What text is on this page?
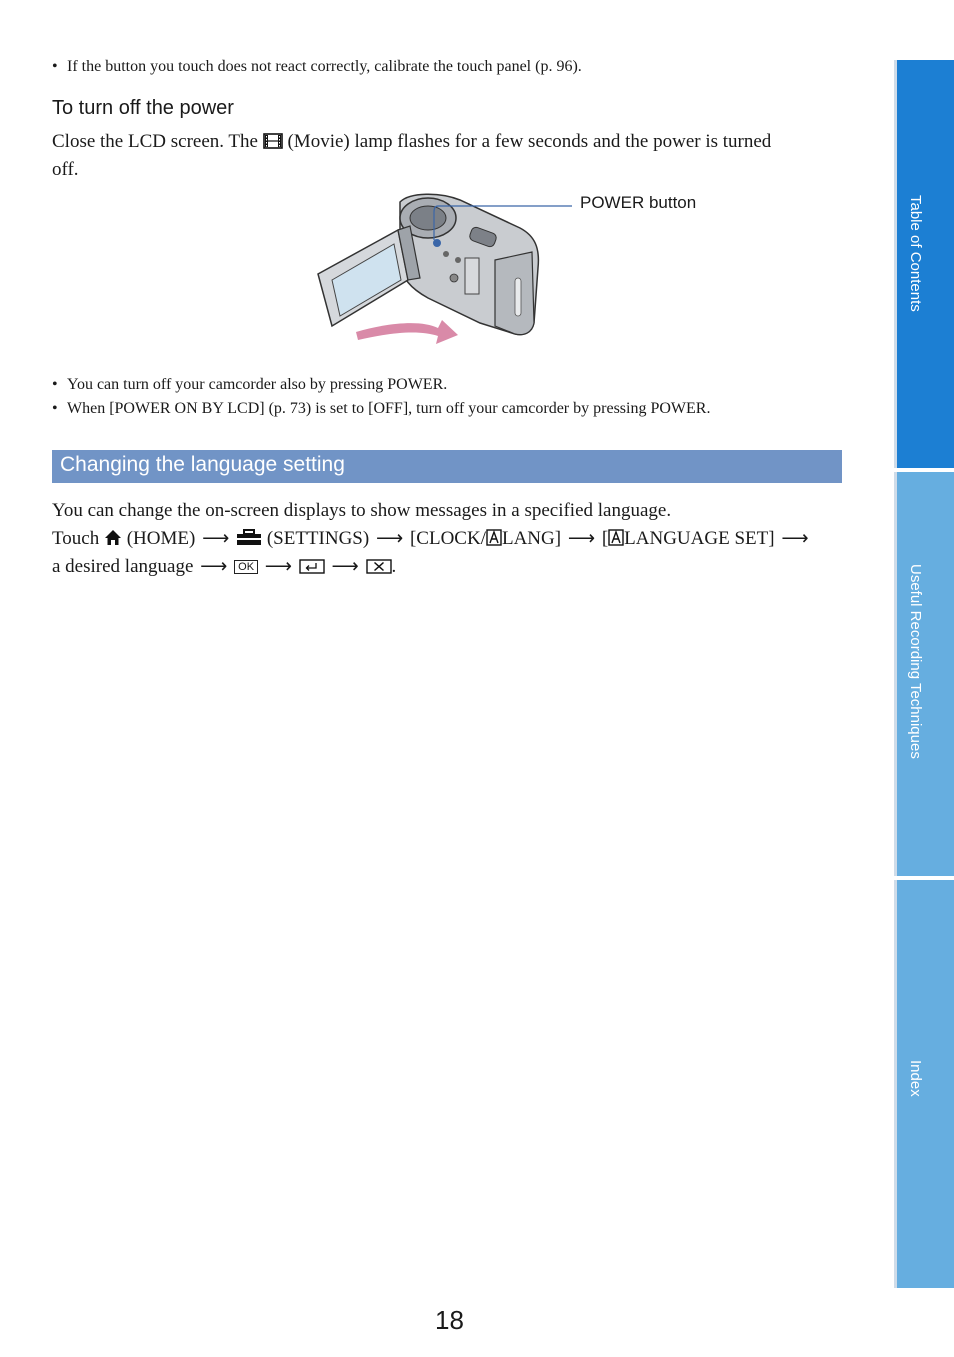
• If the button you touch does not react correctly, calibrate the touch panel (p. 96).
To turn off the power
Close the LCD screen. The (Movie) lamp flashes for a few seconds and the power is turned
off.
POWER button
• You can turn off your camcorder also by pressing POWER.
• When [POWER ON BY LCD] (p. 73) is set to [OFF], turn off your camcorder by pressing POWER.
Changing the language setting
You can change the on-screen displays to show messages in a specified language.
Touch (HOME) ⟶ (SETTINGS) ⟶ [CLOCK/ LANG] ⟶ [ LANGUAGE SET] ⟶
a desired language ⟶ OK ⟶ ⟶ .
Table of Contents
Useful Recording Techniques
Index
18
